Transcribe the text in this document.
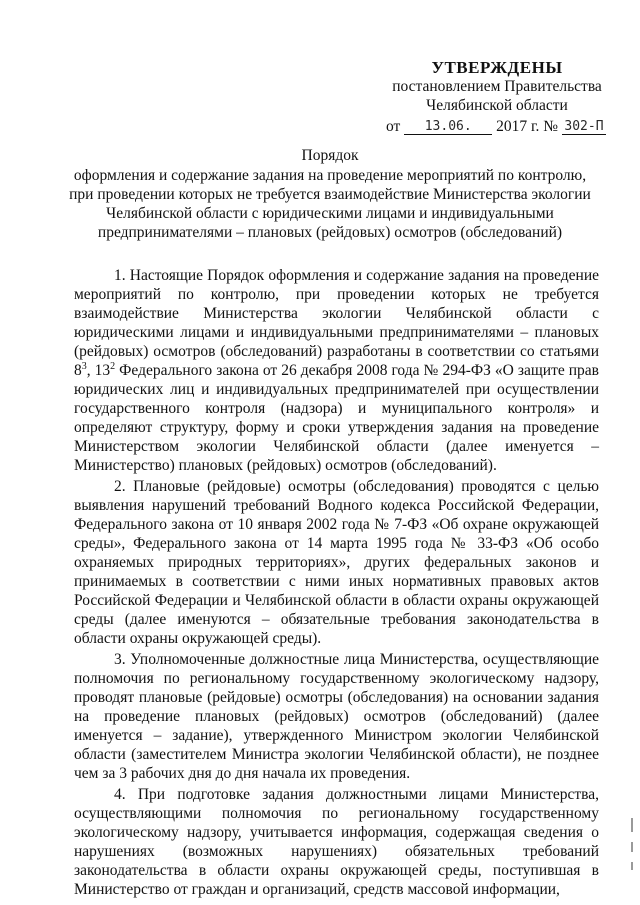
УТВЕРЖДЕНЫ
постановлением Правительства
Челябинской области
от 13.06. 2017 г. № 302-П
Порядок
оформления и содержание задания на проведение мероприятий по контролю,
при проведении которых не требуется взаимодействие Министерства экологии
Челябинской области с юридическими лицами и индивидуальными
предпринимателями – плановых (рейдовых) осмотров (обследований)

1. Настоящие Порядок оформления и содержание задания на проведение мероприятий по контролю, при проведении которых не требуется взаимодействие Министерства экологии Челябинской области с юридическими лицами и индивидуальными предпринимателями – плановых (рейдовых) осмотров (обследований) разработаны в соответствии со статьями $8^3$, $13^2$ Федерального закона от 26 декабря 2008 года № 294-ФЗ «О защите прав юридических лиц и индивидуальных предпринимателей при осуществлении государственного контроля (надзора) и муниципального контроля» и определяют структуру, форму и сроки утверждения задания на проведение Министерством экологии Челябинской области (далее именуется – Министерство) плановых (рейдовых) осмотров (обследований).

2. Плановые (рейдовые) осмотры (обследования) проводятся с целью выявления нарушений требований Водного кодекса Российской Федерации, Федерального закона от 10 января 2002 года № 7-ФЗ «Об охране окружающей среды», Федерального закона от 14 марта 1995 года № 33-ФЗ «Об особо охраняемых природных территориях», других федеральных законов и принимаемых в соответствии с ними иных нормативных правовых актов Российской Федерации и Челябинской области в области охраны окружающей среды (далее именуются – обязательные требования законодательства в области охраны окружающей среды).

3. Уполномоченные должностные лица Министерства, осуществляющие полномочия по региональному государственному экологическому надзору, проводят плановые (рейдовые) осмотры (обследования) на основании задания на проведение плановых (рейдовых) осмотров (обследований) (далее именуется – задание), утвержденного Министром экологии Челябинской области (заместителем Министра экологии Челябинской области), не позднее чем за 3 рабочих дня до дня начала их проведения.

4. При подготовке задания должностными лицами Министерства, осуществляющими полномочия по региональному государственному экологическому надзору, учитывается информация, содержащая сведения о нарушениях (возможных нарушениях) обязательных требований законодательства в области охраны окружающей среды, поступившая в Министерство от граждан и организаций, средств массовой информации,
